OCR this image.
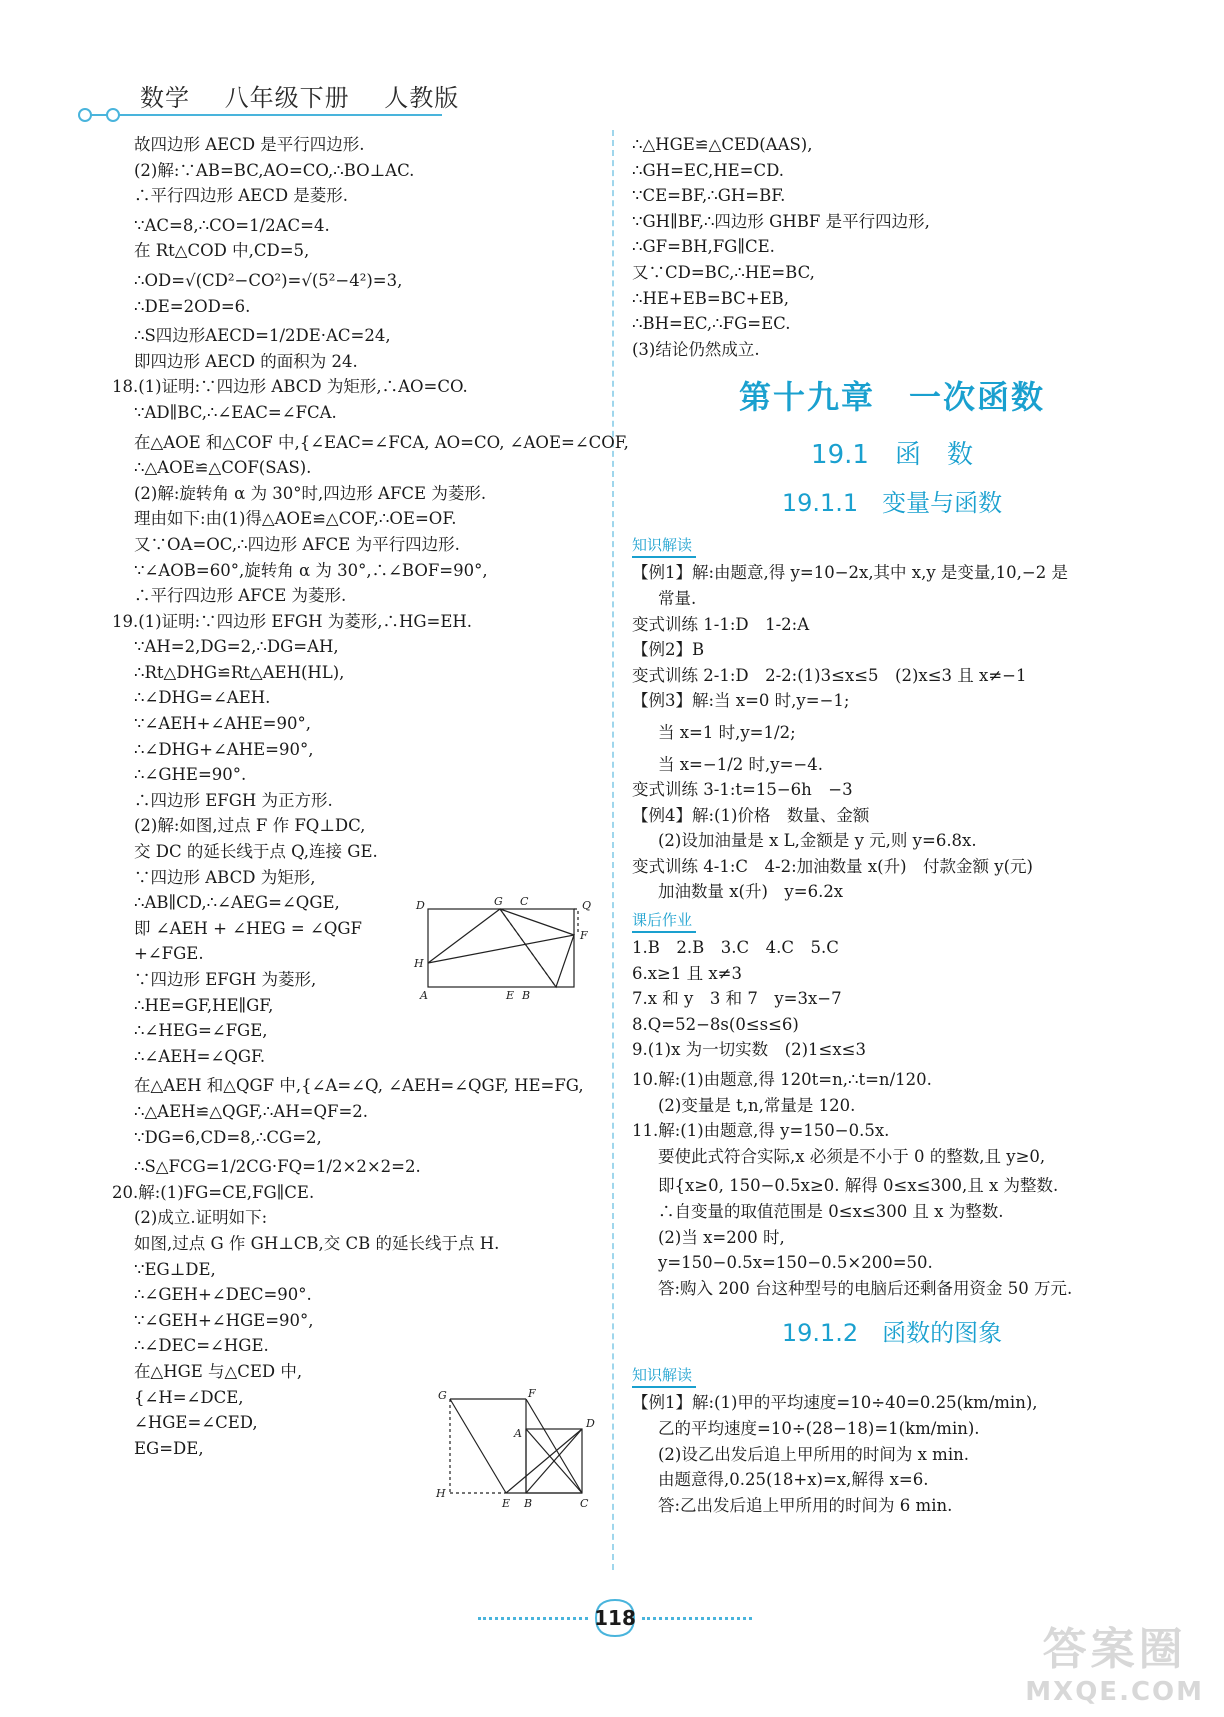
数学 八年级下册 人教版
故四边形 AECD 是平行四边形.
(2)解:∵AB=BC,AO=CO,∴BO⊥AC.
∴平行四边形 AECD 是菱形.
∵AC=8,∴CO=1/2AC=4.
在 Rt△COD 中,CD=5,
∴OD=√(CD²−CO²)=√(5²−4²)=3,
∴DE=2OD=6.
∴S四边形AECD=1/2DE·AC=24,
即四边形 AECD 的面积为 24.
18.(1)证明:∵四边形 ABCD 为矩形,∴AO=CO.
∵AD∥BC,∴∠EAC=∠FCA.
在△AOE 和△COF 中,{∠EAC=∠FCA, AO=CO, ∠AOE=∠COF,
∴△AOE≌△COF(SAS).
(2)解:旋转角 α 为 30°时,四边形 AFCE 为菱形.
理由如下:由(1)得△AOE≌△COF,∴OE=OF.
又∵OA=OC,∴四边形 AFCE 为平行四边形.
∵∠AOB=60°,旋转角 α 为 30°,∴∠BOF=90°,
∴平行四边形 AFCE 为菱形.
19.(1)证明:∵四边形 EFGH 为菱形,∴HG=EH.
∵AH=2,DG=2,∴DG=AH,
∴Rt△DHG≌Rt△AEH(HL),
∴∠DHG=∠AEH.
∵∠AEH+∠AHE=90°,
∴∠DHG+∠AHE=90°,
∴∠GHE=90°.
∴四边形 EFGH 为正方形.
(2)解:如图,过点 F 作 FQ⊥DC,
交 DC 的延长线于点 Q,连接 GE.
∵四边形 ABCD 为矩形,
∴AB∥CD,∴∠AEG=∠QGE,
即 ∠AEH + ∠HEG = ∠QGF
+∠FGE.
∵四边形 EFGH 为菱形,
∴HE=GF,HE∥GF,
∴∠HEG=∠FGE,
∴∠AEH=∠QGF.
在△AEH 和△QGF 中,{∠A=∠Q, ∠AEH=∠QGF, HE=FG,
∴△AEH≌△QGF,∴AH=QF=2.
∵DG=6,CD=8,∴CG=2,
∴S△FCG=1/2CG·FQ=1/2×2×2=2.
20.解:(1)FG=CE,FG∥CE.
(2)成立.证明如下:
如图,过点 G 作 GH⊥CB,交 CB 的延长线于点 H.
∵EG⊥DE,
∴∠GEH+∠DEC=90°.
∵∠GEH+∠HGE=90°,
∴∠DEC=∠HGE.
在△HGE 与△CED 中,
{∠H=∠DCE,
∠HGE=∠CED,
EG=DE,
D	G C	Q
F
H
A	E B
G	F
A
D
H
E B	C
∴△HGE≌△CED(AAS),
∴GH=EC,HE=CD.
∵CE=BF,∴GH=BF.
∵GH∥BF,∴四边形 GHBF 是平行四边形,
∴GF=BH,FG∥CE.
又∵CD=BC,∴HE=BC,
∴HE+EB=BC+EB,
∴BH=EC,∴FG=EC.
(3)结论仍然成立.
第十九章　一次函数
19.1　函　数
19.1.1　变量与函数
知识解读
【例1】解:由题意,得 y=10−2x,其中 x,y 是变量,10,−2 是
常量.
变式训练 1-1:D　1-2:A
【例2】B
变式训练 2-1:D　2-2:(1)3≤x≤5　(2)x≤3 且 x≠−1
【例3】解:当 x=0 时,y=−1;
当 x=1 时,y=1/2;
当 x=−1/2 时,y=−4.
变式训练 3-1:t=15−6h　−3
【例4】解:(1)价格　数量、金额
(2)设加油量是 x L,金额是 y 元,则 y=6.8x.
变式训练 4-1:C　4-2:加油数量 x(升)　付款金额 y(元)
加油数量 x(升)　y=6.2x
课后作业
1.B　2.B　3.C　4.C　5.C
6.x≥1 且 x≠3
7.x 和 y　3 和 7　y=3x−7
8.Q=52−8s(0≤s≤6)
9.(1)x 为一切实数　(2)1≤x≤3
10.解:(1)由题意,得 120t=n,∴t=n/120.
(2)变量是 t,n,常量是 120.
11.解:(1)由题意,得 y=150−0.5x.
要使此式符合实际,x 必须是不小于 0 的整数,且 y≥0,
即{x≥0, 150−0.5x≥0. 解得 0≤x≤300,且 x 为整数.
∴自变量的取值范围是 0≤x≤300 且 x 为整数.
(2)当 x=200 时,
y=150−0.5x=150−0.5×200=50.
答:购入 200 台这种型号的电脑后还剩备用资金 50 万元.
19.1.2　函数的图象
知识解读
【例1】解:(1)甲的平均速度=10÷40=0.25(km/min),
乙的平均速度=10÷(28−18)=1(km/min).
(2)设乙出发后追上甲所用的时间为 x min.
由题意得,0.25(18+x)=x,解得 x=6.
答:乙出发后追上甲所用的时间为 6 min.
118
答案圈
MXQE.COM
